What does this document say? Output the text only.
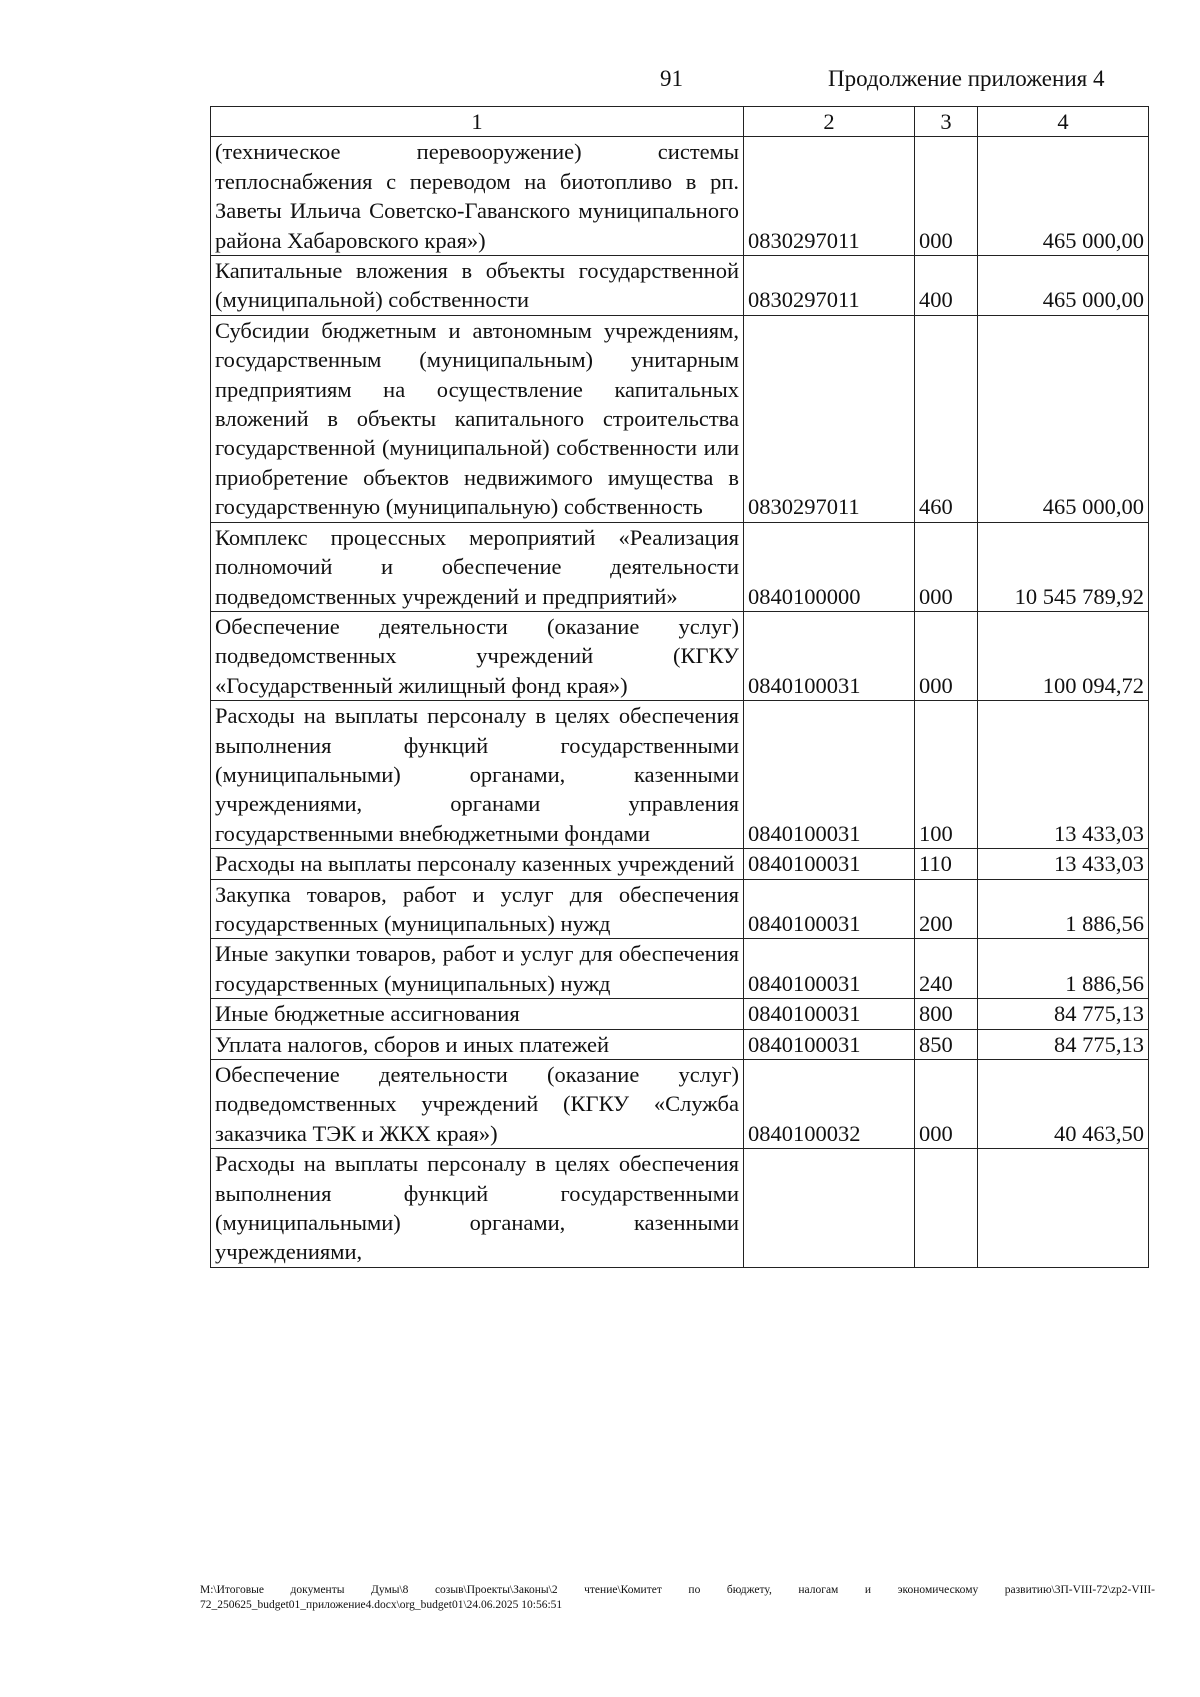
91	Продолжение приложения 4
1	2	3	4
(техническое перевооружение) системы теплоснабжения с переводом на биотопливо в рп. Заветы Ильича Советско-Гаванского муниципального района Хабаровского края»)	0830297011	000	465 000,00
Капитальные вложения в объекты государственной (муниципальной) собственности	0830297011	400	465 000,00
Субсидии бюджетным и автономным учреждениям, государственным (муниципальным) унитарным предприятиям на осуществление капитальных вложений в объекты капитального строительства государственной (муниципальной) собственности или приобретение объектов недвижимого имущества в государственную (муниципальную) собственность	0830297011	460	465 000,00
Комплекс процессных мероприятий «Реализация полномочий и обеспечение деятельности подведомственных учреждений и предприятий»	0840100000	000	10 545 789,92
Обеспечение деятельности (оказание услуг) подведомственных учреждений (КГКУ «Государственный жилищный фонд края»)	0840100031	000	100 094,72
Расходы на выплаты персоналу в целях обеспечения выполнения функций государственными (муниципальными) органами, казенными учреждениями, органами управления государственными внебюджетными фондами	0840100031	100	13 433,03
Расходы на выплаты персоналу казенных учреждений	0840100031	110	13 433,03
Закупка товаров, работ и услуг для обеспечения государственных (муниципальных) нужд	0840100031	200	1 886,56
Иные закупки товаров, работ и услуг для обеспечения государственных (муниципальных) нужд	0840100031	240	1 886,56
Иные бюджетные ассигнования	0840100031	800	84 775,13
Уплата налогов, сборов и иных платежей	0840100031	850	84 775,13
Обеспечение деятельности (оказание услуг) подведомственных учреждений (КГКУ «Служба заказчика ТЭК и ЖКХ края»)	0840100032	000	40 463,50
Расходы на выплаты персоналу в целях обеспечения выполнения функций государственными (муниципальными) органами, казенными учреждениями,			
M:\Итоговые документы Думы\8 созыв\Проекты\Законы\2 чтение\Комитет по бюджету, налогам и экономическому развитию\3П-VIII-72\zp2-VIII-72_250625_budget01_приложение4.docx\org_budget01\24.06.2025 10:56:51
